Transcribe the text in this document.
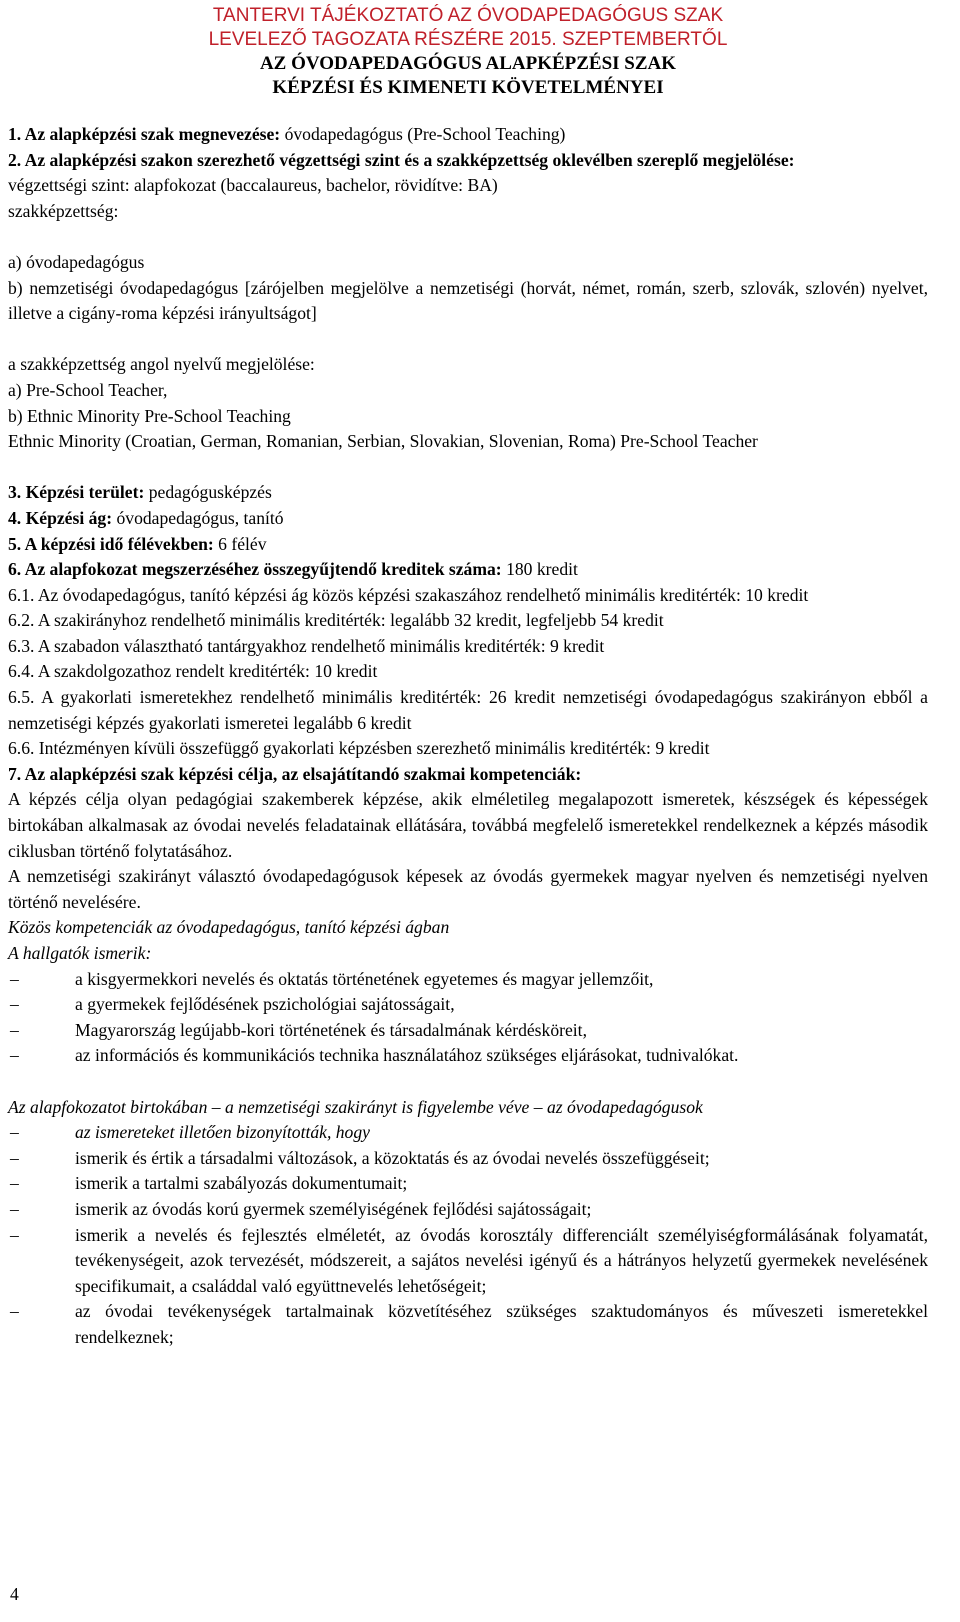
TANTERVI TÁJÉKOZTATÓ AZ ÓVODAPEDAGÓGUS SZAK
LEVELEZŐ TAGOZATA RÉSZÉRE 2015. SZEPTEMBERTŐL
AZ ÓVODAPEDAGÓGUS ALAPKÉPZÉSI SZAK
KÉPZÉSI ÉS KIMENETI KÖVETELMÉNYEI
1. Az alapképzési szak megnevezése: óvodapedagógus (Pre-School Teaching)
2. Az alapképzési szakon szerezhető végzettségi szint és a szakképzettség oklevélben szereplő megjelölése:
végzettségi szint: alapfokozat (baccalaureus, bachelor, rövidítve: BA)
szakképzettség:
a) óvodapedagógus
b) nemzetiségi óvodapedagógus [zárójelben megjelölve a nemzetiségi (horvát, német, román, szerb, szlovák, szlovén) nyelvet, illetve a cigány-roma képzési irányultságot]
a szakképzettség angol nyelvű megjelölése:
a) Pre-School Teacher,
b) Ethnic Minority Pre-School Teaching
Ethnic Minority (Croatian, German, Romanian, Serbian, Slovakian, Slovenian, Roma) Pre-School Teacher
3. Képzési terület: pedagógusképzés
4. Képzési ág: óvodapedagógus, tanító
5. A képzési idő félévekben: 6 félév
6. Az alapfokozat megszerzéséhez összegyűjtendő kreditek száma: 180 kredit
6.1. Az óvodapedagógus, tanító képzési ág közös képzési szakaszához rendelhető minimális kreditérték: 10 kredit
6.2. A szakirányhoz rendelhető minimális kreditérték: legalább 32 kredit, legfeljebb 54 kredit
6.3. A szabadon választható tantárgyakhoz rendelhető minimális kreditérték: 9 kredit
6.4. A szakdolgozathoz rendelt kreditérték: 10 kredit
6.5. A gyakorlati ismeretekhez rendelhető minimális kreditérték: 26 kredit nemzetiségi óvodapedagógus szakirányon ebből a nemzetiségi képzés gyakorlati ismeretei legalább 6 kredit
6.6. Intézményen kívüli összefüggő gyakorlati képzésben szerezhető minimális kreditérték: 9 kredit
7. Az alapképzési szak képzési célja, az elsajátítandó szakmai kompetenciák:
A képzés célja olyan pedagógiai szakemberek képzése, akik elméletileg megalapozott ismeretek, készségek és képességek birtokában alkalmasak az óvodai nevelés feladatainak ellátására, továbbá megfelelő ismeretekkel rendelkeznek a képzés második ciklusban történő folytatásához.
A nemzetiségi szakirányt választó óvodapedagógusok képesek az óvodás gyermekek magyar nyelven és nemzetiségi nyelven történő nevelésére.
Közös kompetenciák az óvodapedagógus, tanító képzési ágban
A hallgatók ismerik:
–	a kisgyermekkori nevelés és oktatás történetének egyetemes és magyar jellemzőit,
–	a gyermekek fejlődésének pszichológiai sajátosságait,
–	Magyarország legújabb-kori történetének és társadalmának kérdésköreit,
–	az információs és kommunikációs technika használatához szükséges eljárásokat, tudnivalókat.
Az alapfokozatot birtokában – a nemzetiségi szakirányt is figyelembe véve – az óvodapedagógusok
–	az ismereteket illetően bizonyították, hogy
–	ismerik és értik a társadalmi változások, a közoktatás és az óvodai nevelés összefüggéseit;
–	ismerik a tartalmi szabályozás dokumentumait;
–	ismerik az óvodás korú gyermek személyiségének fejlődési sajátosságait;
–	ismerik a nevelés és fejlesztés elméletét, az óvodás korosztály differenciált személyiségformálásának folyamatát, tevékenységeit, azok tervezését, módszereit, a sajátos nevelési igényű és a hátrányos helyzetű gyermekek nevelésének specifikumait, a családdal való együttnevelés lehetőségeit;
–	az óvodai tevékenységek tartalmainak közvetítéséhez szükséges szaktudományos és műveszeti ismeretekkel rendelkeznek;
4
